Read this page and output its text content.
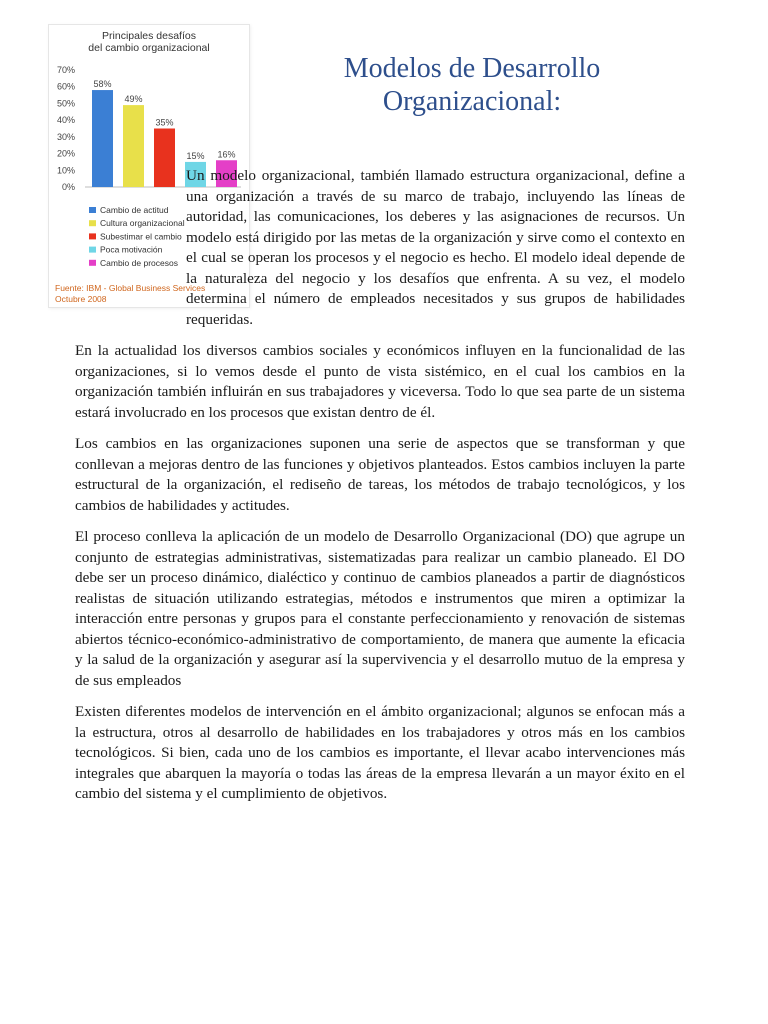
Principales desafíos
del cambio organizacional
0%
10%
20%
30%
40%
50%
60%
70%
58%
49%
35%
15% 16%
Cambio de actitud
Cultura organizacional
Subestimar el cambio
Poca motivación
Cambio de procesos
Fuente: IBM - Global Business Services
Octubre 2008
Modelos de Desarrollo
Organizacional:

Un modelo organizacional, también llamado estructura organizacional, define a una organización a través de su marco de trabajo, incluyendo las líneas de autoridad, las comunicaciones, los deberes y las asignaciones de recursos. Un modelo está dirigido por las metas de la organización y sirve como el contexto en el cual se operan los procesos y el negocio es hecho. El modelo ideal depende de la naturaleza del negocio y los desafíos que enfrenta. A su vez, el modelo determina el número de empleados necesitados y sus grupos de habilidades requeridas.

En la actualidad los diversos cambios sociales y económicos influyen en la funcionalidad de las organizaciones, si lo vemos desde el punto de vista sistémico, en el cual los cambios en la organización también influirán en sus trabajadores y viceversa. Todo lo que sea parte de un sistema estará involucrado en los procesos que existan dentro de él.

Los cambios en las organizaciones suponen una serie de aspectos que se transforman y que conllevan a mejoras dentro de las funciones y objetivos planteados. Estos cambios incluyen la parte estructural de la organización, el rediseño de tareas, los métodos de trabajo tecnológicos, y los cambios de habilidades y actitudes.

El proceso conlleva la aplicación de un modelo de Desarrollo Organizacional (DO) que agrupe un conjunto de estrategias administrativas, sistematizadas para realizar un cambio planeado. El DO debe ser un proceso dinámico, dialéctico y continuo de cambios planeados a partir de diagnósticos realistas de situación utilizando estrategias, métodos e instrumentos que miren a optimizar la interacción entre personas y grupos para el constante perfeccionamiento y renovación de sistemas abiertos técnico-económico-administrativo de comportamiento, de manera que aumente la eficacia y la salud de la organización y asegurar así la supervivencia y el desarrollo mutuo de la empresa y de sus empleados

Existen diferentes modelos de intervención en el ámbito organizacional; algunos se enfocan más a la estructura, otros al desarrollo de habilidades en los trabajadores y otros más en los cambios tecnológicos. Si bien, cada uno de los cambios es importante, el llevar acabo intervenciones más integrales que abarquen la mayoría o todas las áreas de la empresa llevarán a un mayor éxito en el cambio del sistema y el cumplimiento de objetivos.
